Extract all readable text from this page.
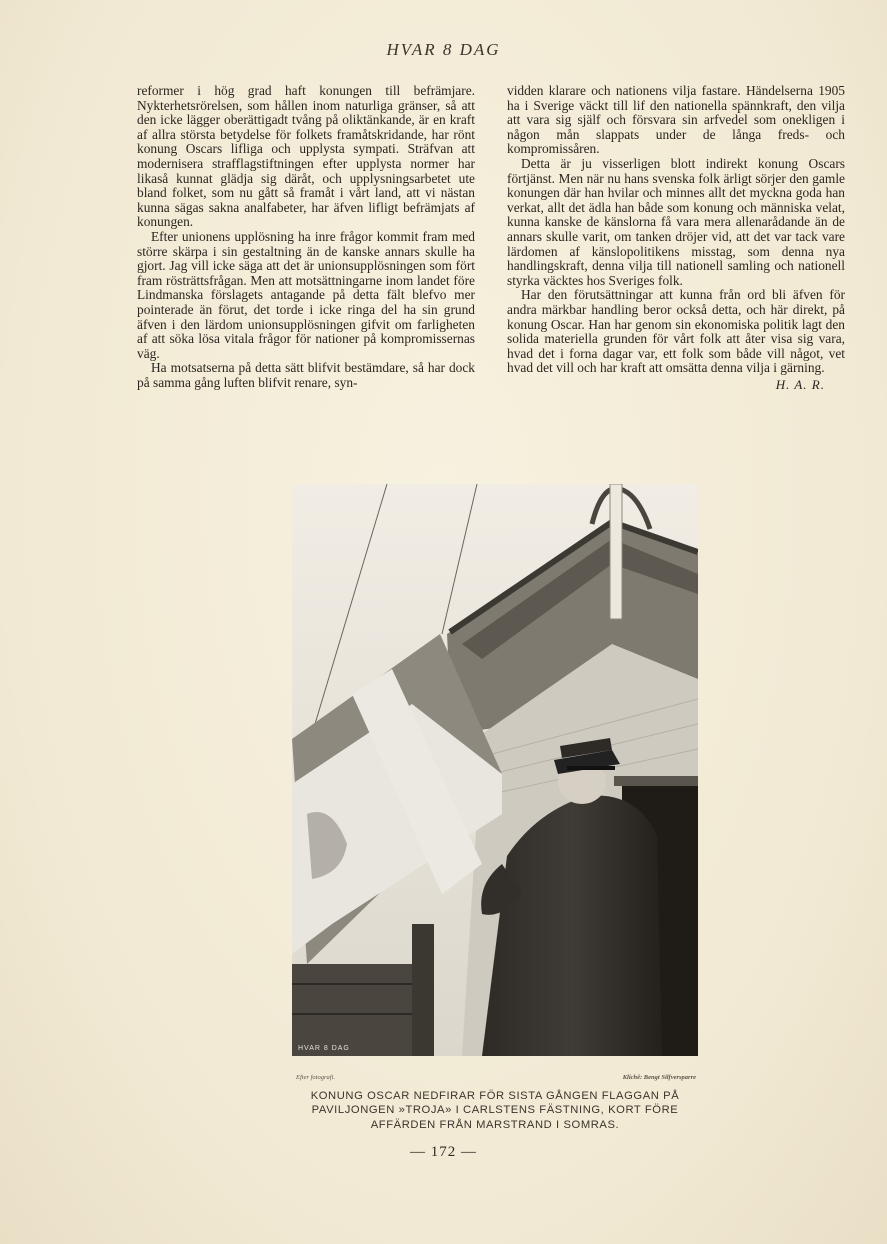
HVAR 8 DAG

reformer i hög grad haft konungen till befrämjare. Nykterhetsrörelsen, som hållen inom naturliga gränser, så att den icke lägger oberättigadt tvång på oliktänkande, är en kraft af allra största betydelse för folkets framåtskridande, har rönt konung Oscars lifliga och upplysta sympati. Sträfvan att modernisera strafflagstiftningen efter upplysta normer har likaså kunnat glädja sig däråt, och upplysningsarbetet ute bland folket, som nu gått så framåt i vårt land, att vi nästan kunna sägas sakna analfabeter, har äfven lifligt befrämjats af konungen.

Efter unionens upplösning ha inre frågor kommit fram med större skärpa i sin gestaltning än de kanske annars skulle ha gjort. Jag vill icke säga att det är unionsupplösningen som fört fram rösträttsfrågan. Men att motsättningarne inom landet före Lindmanska förslagets antagande på detta fält blefvo mer pointerade än förut, det torde i icke ringa del ha sin grund äfven i den lärdom unionsupplösningen gifvit om farligheten af att söka lösa vitala frågor för nationer på kompromissernas väg.

Ha motsatserna på detta sätt blifvit bestämdare, så har dock på samma gång luften blifvit renare, syn-

vidden klarare och nationens vilja fastare. Händelserna 1905 ha i Sverige väckt till lif den nationella spännkraft, den vilja att vara sig själf och försvara sin arfvedel som onekligen i någon mån slappats under de långa freds- och kompromissåren.

Detta är ju visserligen blott indirekt konung Oscars förtjänst. Men när nu hans svenska folk ärligt sörjer den gamle konungen där han hvilar och minnes allt det myckna goda han verkat, allt det ädla han både som konung och människa velat, kunna kanske de känslorna få vara mera allenarådande än de annars skulle varit, om tanken dröjer vid, att det var tack vare lärdomen af känslopolitikens misstag, som denna nya handlingskraft, denna vilja till nationell samling och nationell styrka väcktes hos Sveriges folk.

Har den förutsättningar att kunna från ord bli äfven för andra märkbar handling beror också detta, och här direkt, på konung Oscar. Han har genom sin ekonomiska politik lagt den solida materiella grunden för vårt folk att åter visa sig vara, hvad det i forna dagar var, ett folk som både vill något, vet hvad det vill och har kraft att omsätta denna vilja i gärning.

H. A. R.
HVAR 8 DAG
Efter fotografi.	Klichê: Bengt Silfversparre
KONUNG OSCAR NEDFIRAR FÖR SISTA GÅNGEN FLAGGAN PÅ PAVILJONGEN »TROJA» I CARLSTENS FÄSTNING, KORT FÖRE AFFÄRDEN FRÅN MARSTRAND I SOMRAS.
— 172 —
